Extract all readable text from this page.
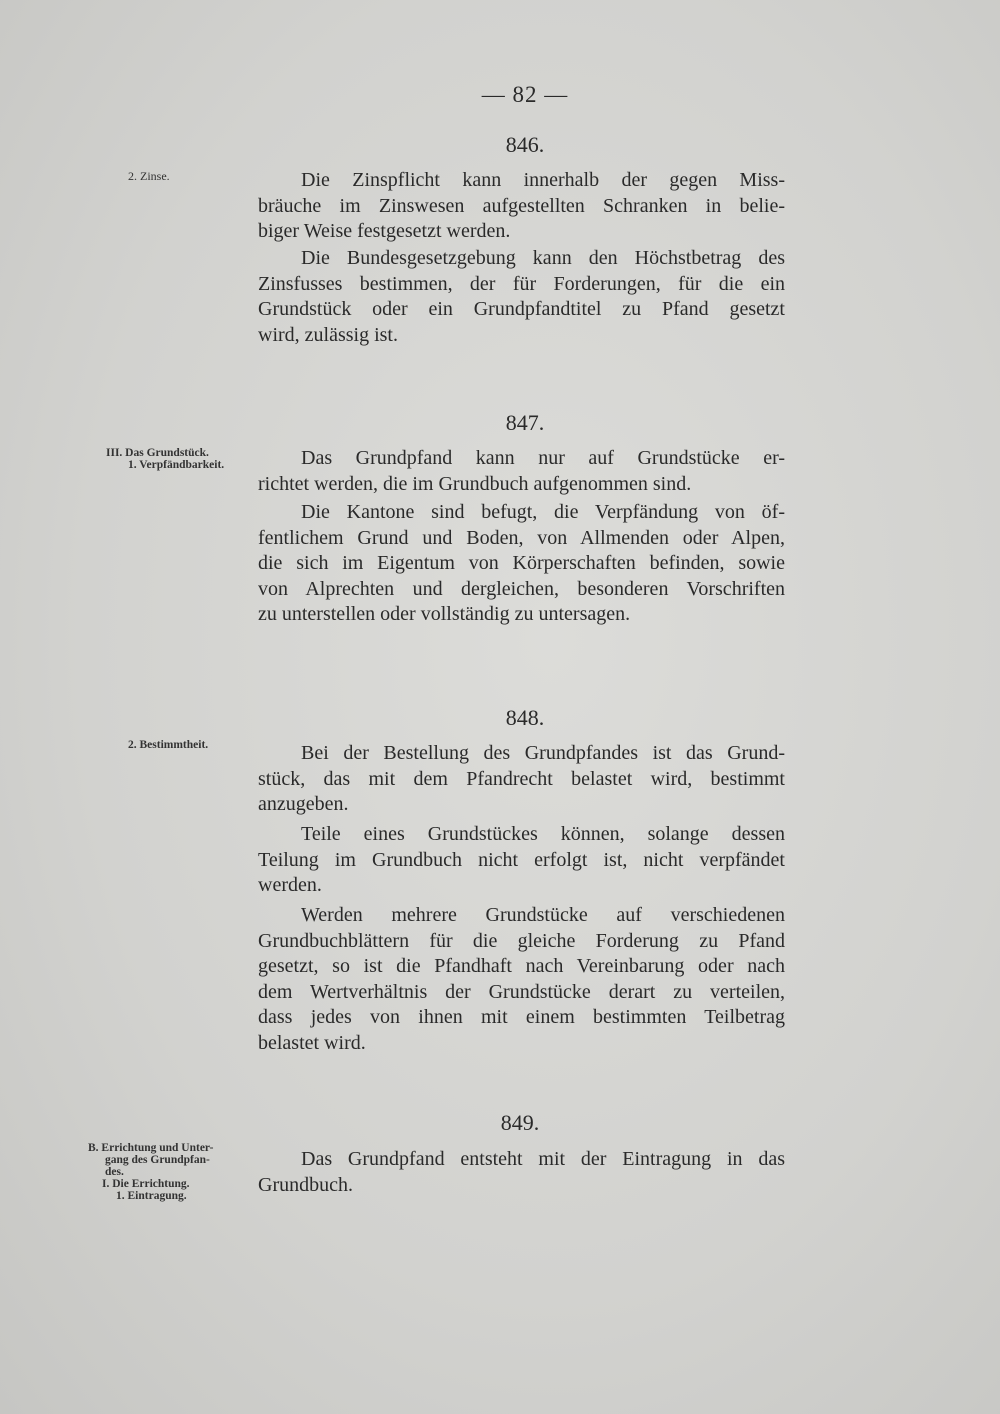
— 82 —
846.
2. Zinse.	Die Zinspflicht kann innerhalb der gegen Miss-
bräuche im Zinswesen aufgestellten Schranken in belie-
biger Weise festgesetzt werden.
Die Bundesgesetzgebung kann den Höchstbetrag des
Zinsfusses bestimmen, der für Forderungen, für die ein
Grundstück oder ein Grundpfandtitel zu Pfand gesetzt
wird, zulässig ist.
847.
III. Das Grundstück.
1. Verpfändbarkeit.	Das Grundpfand kann nur auf Grundstücke er-
richtet werden, die im Grundbuch aufgenommen sind.
Die Kantone sind befugt, die Verpfändung von öf-
fentlichem Grund und Boden, von Allmenden oder Alpen,
die sich im Eigentum von Körperschaften befinden, sowie
von Alprechten und dergleichen, besonderen Vorschriften
zu unterstellen oder vollständig zu untersagen.
848.
2. Bestimmtheit.	Bei der Bestellung des Grundpfandes ist das Grund-
stück, das mit dem Pfandrecht belastet wird, bestimmt
anzugeben.
Teile eines Grundstückes können, solange dessen
Teilung im Grundbuch nicht erfolgt ist, nicht verpfändet
werden.
Werden mehrere Grundstücke auf verschiedenen
Grundbuchblättern für die gleiche Forderung zu Pfand
gesetzt, so ist die Pfandhaft nach Vereinbarung oder nach
dem Wertverhältnis der Grundstücke derart zu verteilen,
dass jedes von ihnen mit einem bestimmten Teilbetrag
belastet wird.
849.
B. Errichtung und Unter-
gang des Grundpfan-
des.
I. Die Errichtung.
1. Eintragung.
Das Grundpfand entsteht mit der Eintragung in das
Grundbuch.
